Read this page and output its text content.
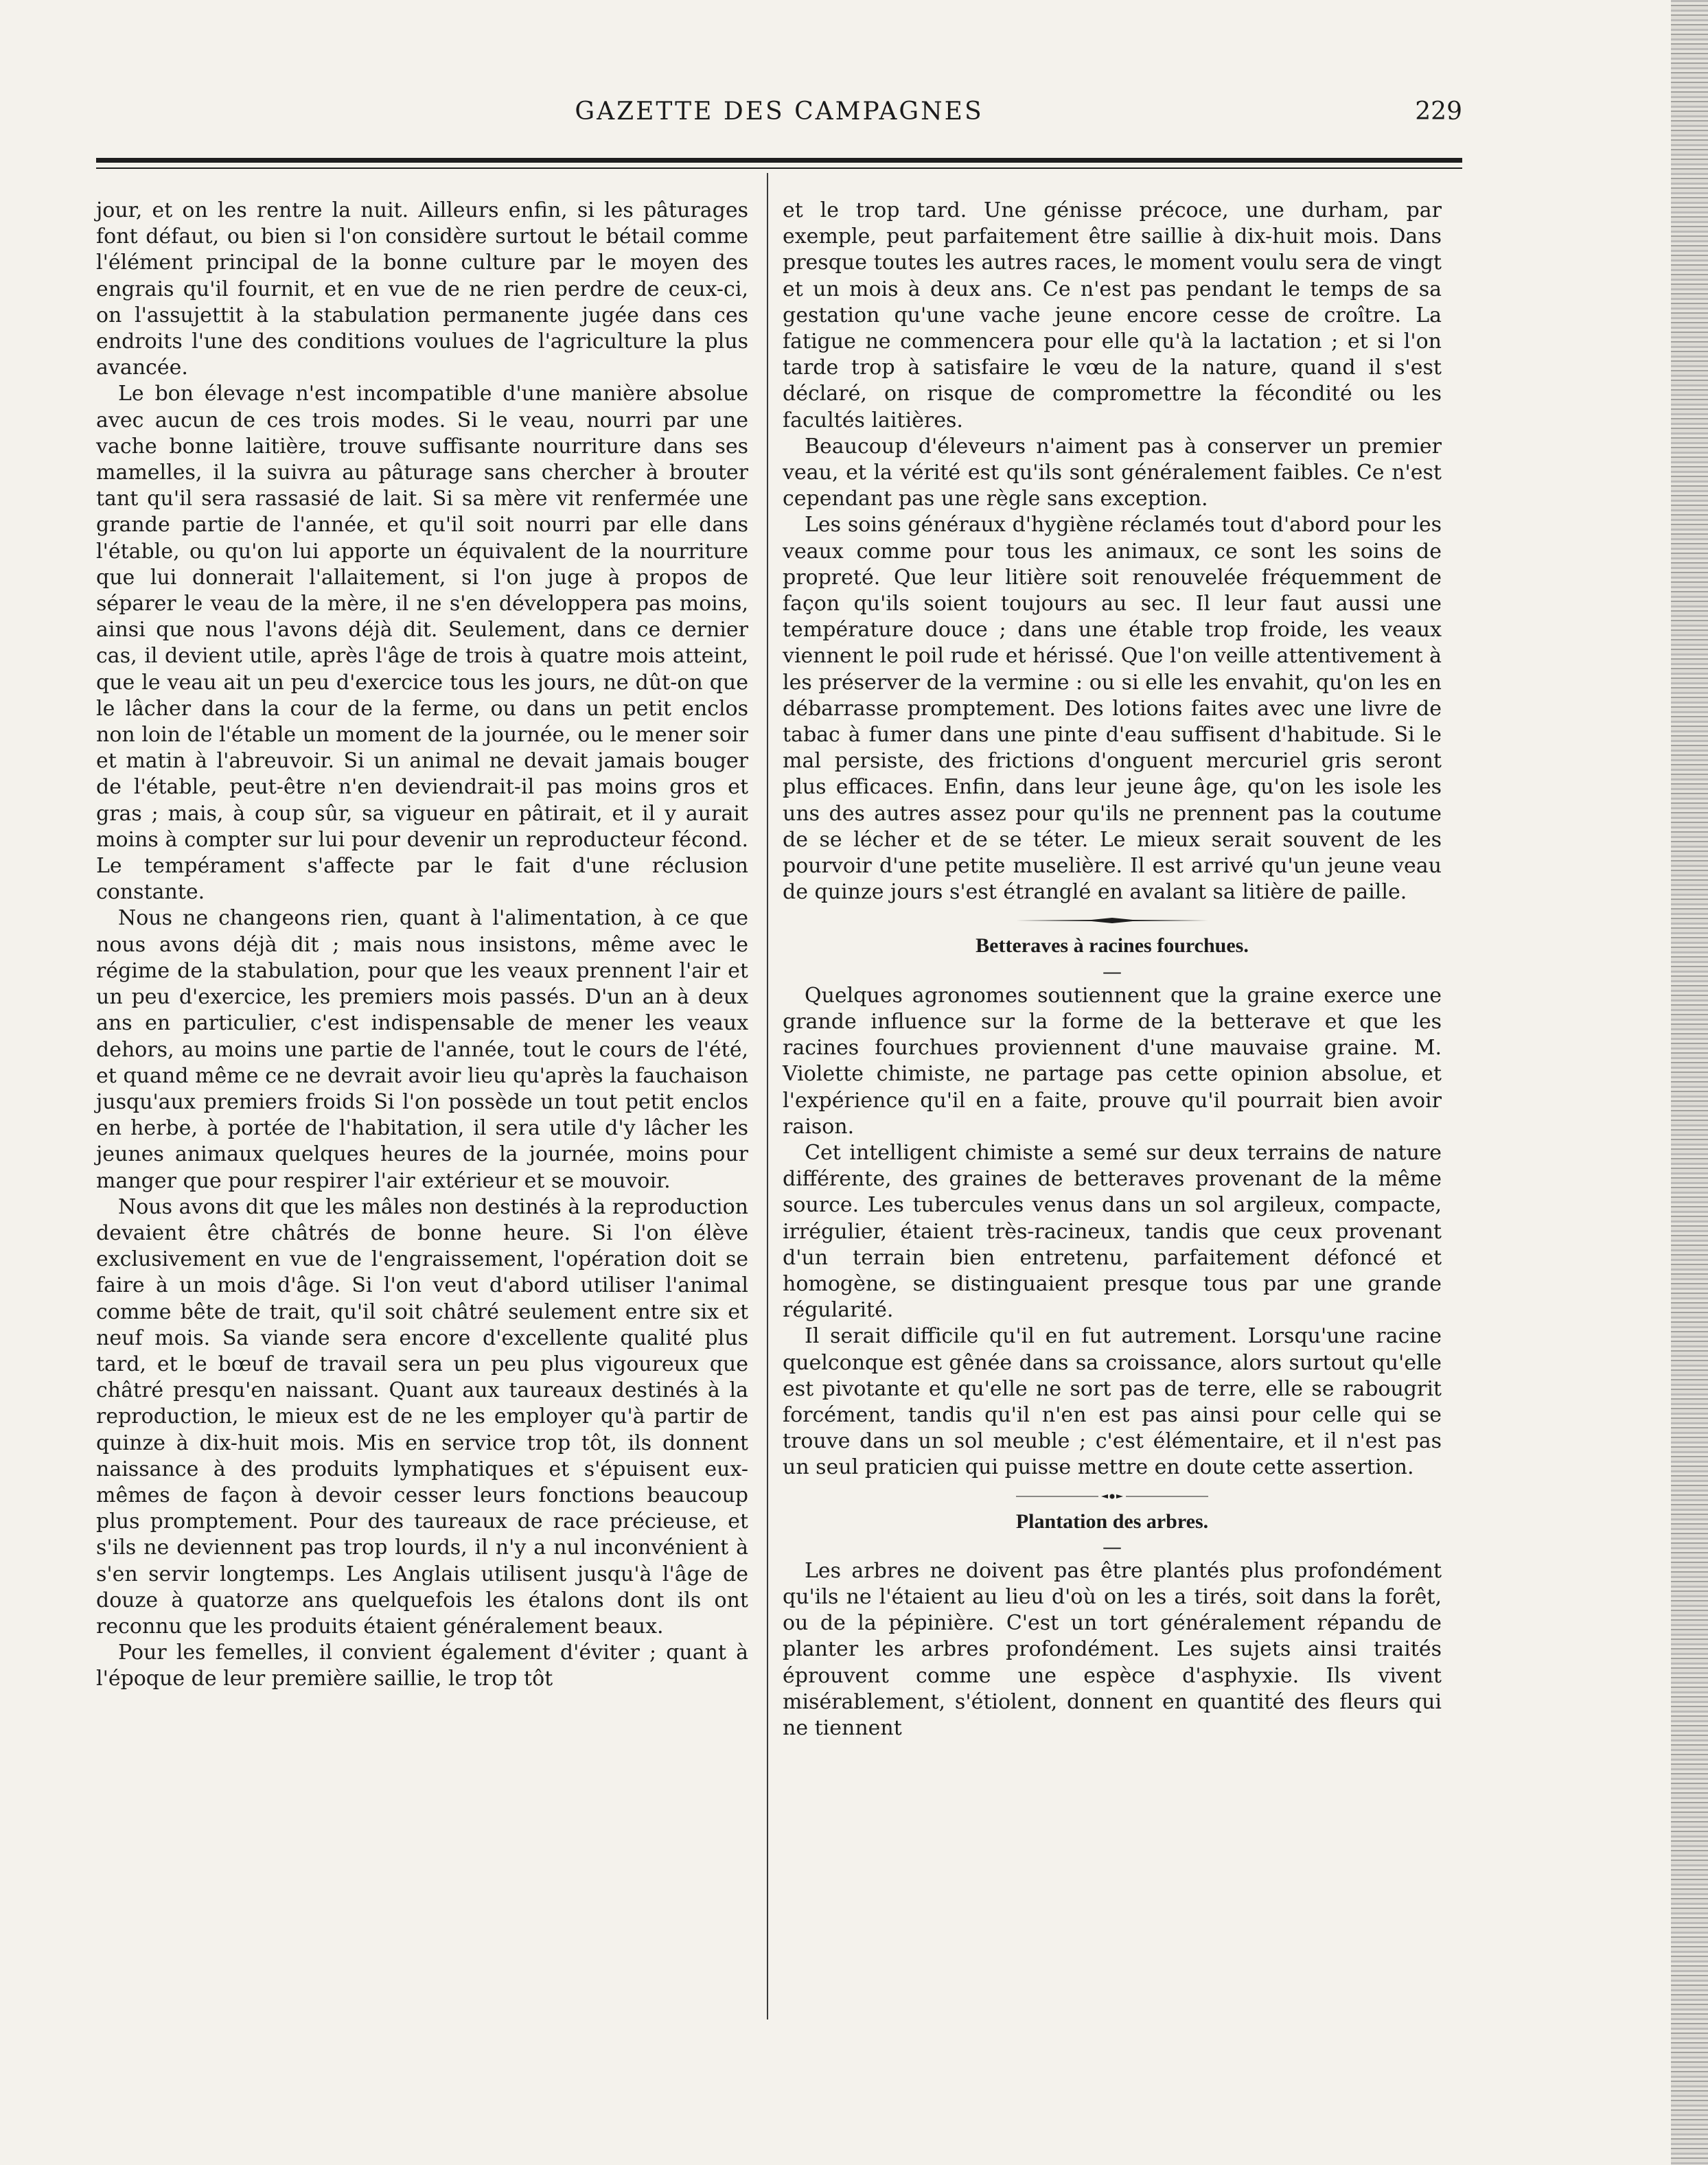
GAZETTE DES CAMPAGNES	229

jour, et on les rentre la nuit. Ailleurs enfin, si les pâturages font défaut, ou bien si l'on considère surtout le bétail comme l'élément principal de la bonne culture par le moyen des engrais qu'il fournit, et en vue de ne rien perdre de ceux-ci, on l'assujettit à la stabulation permanente jugée dans ces endroits l'une des conditions voulues de l'agriculture la plus avancée.

Le bon élevage n'est incompatible d'une manière absolue avec aucun de ces trois modes. Si le veau, nourri par une vache bonne laitière, trouve suffisante nourriture dans ses mamelles, il la suivra au pâturage sans chercher à brouter tant qu'il sera rassasié de lait. Si sa mère vit renfermée une grande partie de l'année, et qu'il soit nourri par elle dans l'étable, ou qu'on lui apporte un équivalent de la nourriture que lui donnerait l'allaitement, si l'on juge à propos de séparer le veau de la mère, il ne s'en développera pas moins, ainsi que nous l'avons déjà dit. Seulement, dans ce dernier cas, il devient utile, après l'âge de trois à quatre mois atteint, que le veau ait un peu d'exercice tous les jours, ne dût-on que le lâcher dans la cour de la ferme, ou dans un petit enclos non loin de l'étable un moment de la journée, ou le mener soir et matin à l'abreuvoir. Si un animal ne devait jamais bouger de l'étable, peut-être n'en deviendrait-il pas moins gros et gras ; mais, à coup sûr, sa vigueur en pâtirait, et il y aurait moins à compter sur lui pour devenir un reproducteur fécond. Le tempérament s'affecte par le fait d'une réclusion constante.

Nous ne changeons rien, quant à l'alimentation, à ce que nous avons déjà dit ; mais nous insistons, même avec le régime de la stabulation, pour que les veaux prennent l'air et un peu d'exercice, les premiers mois passés. D'un an à deux ans en particulier, c'est indispensable de mener les veaux dehors, au moins une partie de l'année, tout le cours de l'été, et quand même ce ne devrait avoir lieu qu'après la fauchaison jusqu'aux premiers froids Si l'on possède un tout petit enclos en herbe, à portée de l'habitation, il sera utile d'y lâcher les jeunes animaux quelques heures de la journée, moins pour manger que pour respirer l'air extérieur et se mouvoir.

Nous avons dit que les mâles non destinés à la reproduction devaient être châtrés de bonne heure. Si l'on élève exclusivement en vue de l'engraissement, l'opération doit se faire à un mois d'âge. Si l'on veut d'abord utiliser l'animal comme bête de trait, qu'il soit châtré seulement entre six et neuf mois. Sa viande sera encore d'excellente qualité plus tard, et le bœuf de travail sera un peu plus vigoureux que châtré presqu'en naissant. Quant aux taureaux destinés à la reproduction, le mieux est de ne les employer qu'à partir de quinze à dix-huit mois. Mis en service trop tôt, ils donnent naissance à des produits lymphatiques et s'épuisent eux-mêmes de façon à devoir cesser leurs fonctions beaucoup plus promptement. Pour des taureaux de race précieuse, et s'ils ne deviennent pas trop lourds, il n'y a nul inconvénient à s'en servir longtemps. Les Anglais utilisent jusqu'à l'âge de douze à quatorze ans quelquefois les étalons dont ils ont reconnu que les produits étaient généralement beaux.

Pour les femelles, il convient également d'éviter ; quant à l'époque de leur première saillie, le trop tôt

et le trop tard. Une génisse précoce, une durham, par exemple, peut parfaitement être saillie à dix-huit mois. Dans presque toutes les autres races, le moment voulu sera de vingt et un mois à deux ans. Ce n'est pas pendant le temps de sa gestation qu'une vache jeune encore cesse de croître. La fatigue ne commencera pour elle qu'à la lactation ; et si l'on tarde trop à satisfaire le vœu de la nature, quand il s'est déclaré, on risque de compromettre la fécondité ou les facultés laitières.

Beaucoup d'éleveurs n'aiment pas à conserver un premier veau, et la vérité est qu'ils sont généralement faibles. Ce n'est cependant pas une règle sans exception.

Les soins généraux d'hygiène réclamés tout d'abord pour les veaux comme pour tous les animaux, ce sont les soins de propreté. Que leur litière soit renouvelée fréquemment de façon qu'ils soient toujours au sec. Il leur faut aussi une température douce ; dans une étable trop froide, les veaux viennent le poil rude et hérissé. Que l'on veille attentivement à les préserver de la vermine : ou si elle les envahit, qu'on les en débarrasse promptement. Des lotions faites avec une livre de tabac à fumer dans une pinte d'eau suffisent d'habitude. Si le mal persiste, des frictions d'onguent mercuriel gris seront plus efficaces. Enfin, dans leur jeune âge, qu'on les isole les uns des autres assez pour qu'ils ne prennent pas la coutume de se lécher et de se téter. Le mieux serait souvent de les pourvoir d'une petite muselière. Il est arrivé qu'un jeune veau de quinze jours s'est étranglé en avalant sa litière de paille.

Betteraves à racines fourchues.
—

Quelques agronomes soutiennent que la graine exerce une grande influence sur la forme de la betterave et que les racines fourchues proviennent d'une mauvaise graine. M. Violette chimiste, ne partage pas cette opinion absolue, et l'expérience qu'il en a faite, prouve qu'il pourrait bien avoir raison.

Cet intelligent chimiste a semé sur deux terrains de nature différente, des graines de betteraves provenant de la même source. Les tubercules venus dans un sol argileux, compacte, irrégulier, étaient très-racineux, tandis que ceux provenant d'un terrain bien entretenu, parfaitement défoncé et homogène, se distinguaient presque tous par une grande régularité.

Il serait difficile qu'il en fut autrement. Lorsqu'une racine quelconque est gênée dans sa croissance, alors surtout qu'elle est pivotante et qu'elle ne sort pas de terre, elle se rabougrit forcément, tandis qu'il n'en est pas ainsi pour celle qui se trouve dans un sol meuble ; c'est élémentaire, et il n'est pas un seul praticien qui puisse mettre en doute cette assertion.

Plantation des arbres.
—

Les arbres ne doivent pas être plantés plus profondément qu'ils ne l'étaient au lieu d'où on les a tirés, soit dans la forêt, ou de la pépinière. C'est un tort généralement répandu de planter les arbres profondément. Les sujets ainsi traités éprouvent comme une espèce d'asphyxie. Ils vivent misérablement, s'étiolent, donnent en quantité des fleurs qui ne tiennent
